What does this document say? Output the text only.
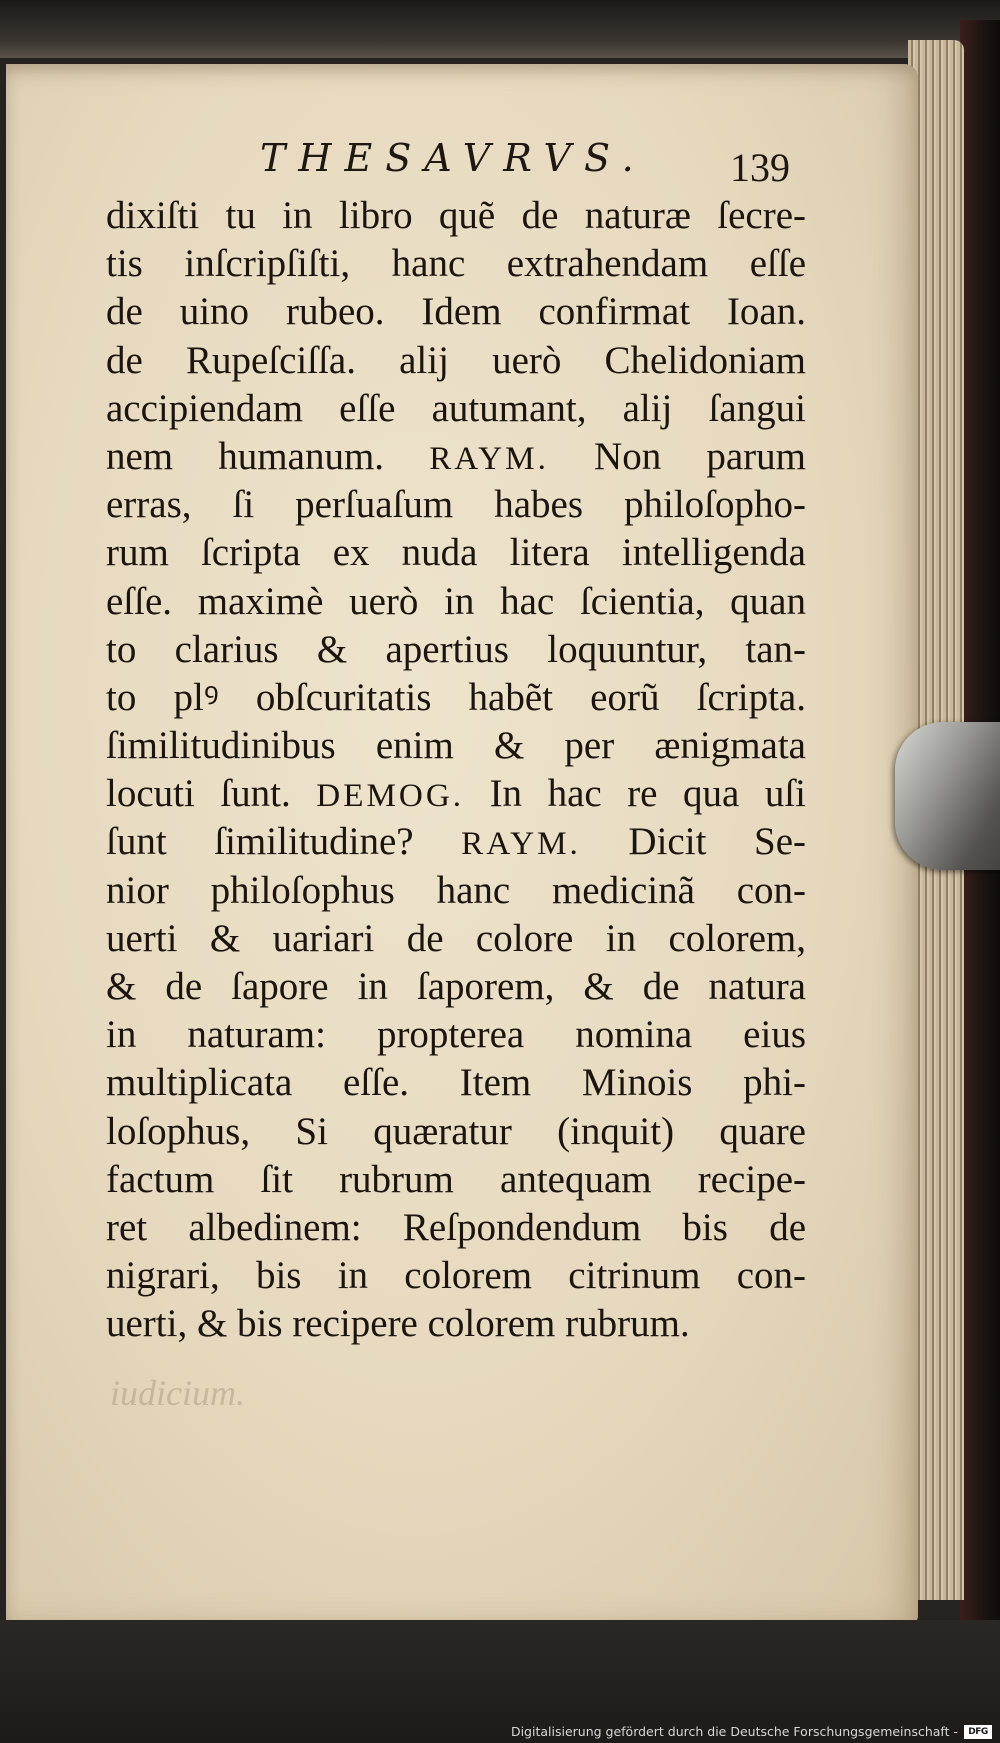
THESAVRVS. 139
dixiſti tu in libro quẽ de naturæ ſecre-
tis inſcripſiſti, hanc extrahendam eſſe
de uino rubeo. Idem confirmat Ioan.
de Rupeſciſſa. alij uerò Chelidoniam
accipiendam eſſe autumant, alij ſangui
nem humanum. RAYM. Non parum
erras, ſi perſuaſum habes philoſopho-
rum ſcripta ex nuda litera intelligenda
eſſe. maximè uerò in hac ſcientia, quan
to clarius & apertius loquuntur, tan-
to plꝰ obſcuritatis habẽt eorũ ſcripta.
ſimilitudinibus enim & per ænigmata
locuti ſunt. DEMOG. In hac re qua uſi
ſunt ſimilitudine? RAYM. Dicit Se-
nior philoſophus hanc medicinã con-
uerti & uariari de colore in colorem,
& de ſapore in ſaporem, & de natura
in naturam: propterea nomina eius
multiplicata eſſe. Item Minois phi-
loſophus, Si quæratur (inquit) quare
factum ſit rubrum antequam recipe-
ret albedinem: Reſpondendum bis de
nigrari, bis in colorem citrinum con-
uerti, & bis recipere colorem rubrum.
iudicium.
Digitalisierung gefördert durch die Deutsche Forschungsgemeinschaft -	DFG
